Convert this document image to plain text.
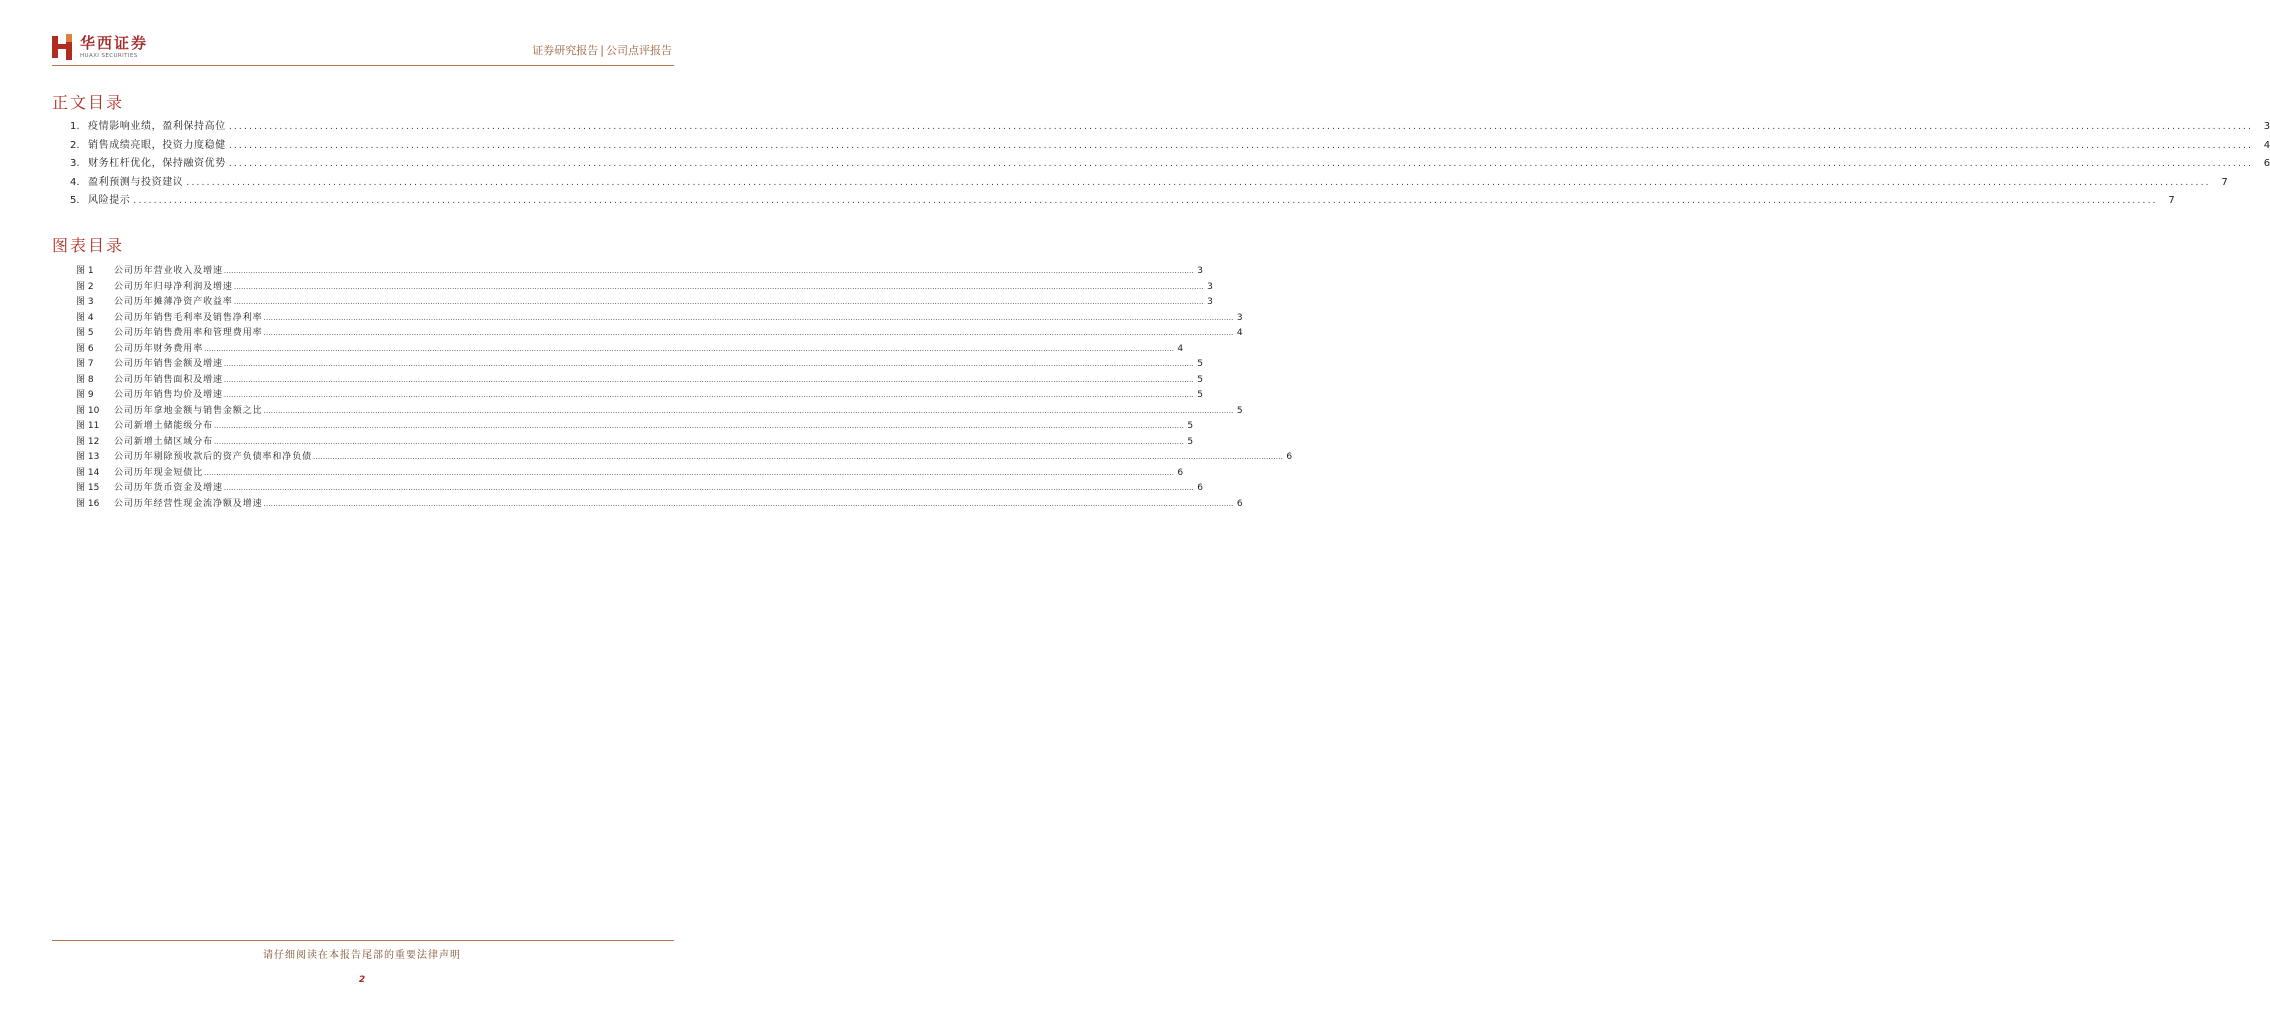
华西证券
HUAXI SECURITIES	证券研究报告 | 公司点评报告
正文目录
1. 疫情影响业绩，盈利保持高位 ................................................................................................................................................................................................................................................................................................................................................................................................................	3
2. 销售成绩亮眼，投资力度稳健 ................................................................................................................................................................................................................................................................................................................................................................................................................	4
3. 财务杠杆优化，保持融资优势 ................................................................................................................................................................................................................................................................................................................................................................................................................	6
4. 盈利预测与投资建议 ................................................................................................................................................................................................................................................................................................................................................................................................................	7
5. 风险提示 ................................................................................................................................................................................................................................................................................................................................................................................................................	7
图表目录
图 1	公司历年营业收入及增速 ................................................................................................................................................................................................................................................................................................................................................................................................................ 3
图 2	公司历年归母净利润及增速 ................................................................................................................................................................................................................................................................................................................................................................................................................ 3
图 3	公司历年摊薄净资产收益率 ................................................................................................................................................................................................................................................................................................................................................................................................................ 3
图 4	公司历年销售毛利率及销售净利率 ................................................................................................................................................................................................................................................................................................................................................................................................................ 3
图 5	公司历年销售费用率和管理费用率 ................................................................................................................................................................................................................................................................................................................................................................................................................ 4
图 6	公司历年财务费用率 ................................................................................................................................................................................................................................................................................................................................................................................................................ 4
图 7	公司历年销售金额及增速 ................................................................................................................................................................................................................................................................................................................................................................................................................ 5
图 8	公司历年销售面积及增速 ................................................................................................................................................................................................................................................................................................................................................................................................................ 5
图 9	公司历年销售均价及增速 ................................................................................................................................................................................................................................................................................................................................................................................................................ 5
图 10	公司历年拿地金额与销售金额之比 ................................................................................................................................................................................................................................................................................................................................................................................................................ 5
图 11	公司新增土储能级分布 ................................................................................................................................................................................................................................................................................................................................................................................................................ 5
图 12	公司新增土储区域分布 ................................................................................................................................................................................................................................................................................................................................................................................................................ 5
图 13	公司历年剔除预收款后的资产负债率和净负债 ................................................................................................................................................................................................................................................................................................................................................................................................................ 6
图 14	公司历年现金短债比 ................................................................................................................................................................................................................................................................................................................................................................................................................ 6
图 15	公司历年货币资金及增速 ................................................................................................................................................................................................................................................................................................................................................................................................................ 6
图 16	公司历年经营性现金流净额及增速 ................................................................................................................................................................................................................................................................................................................................................................................................................ 6
请仔细阅读在本报告尾部的重要法律声明
2
